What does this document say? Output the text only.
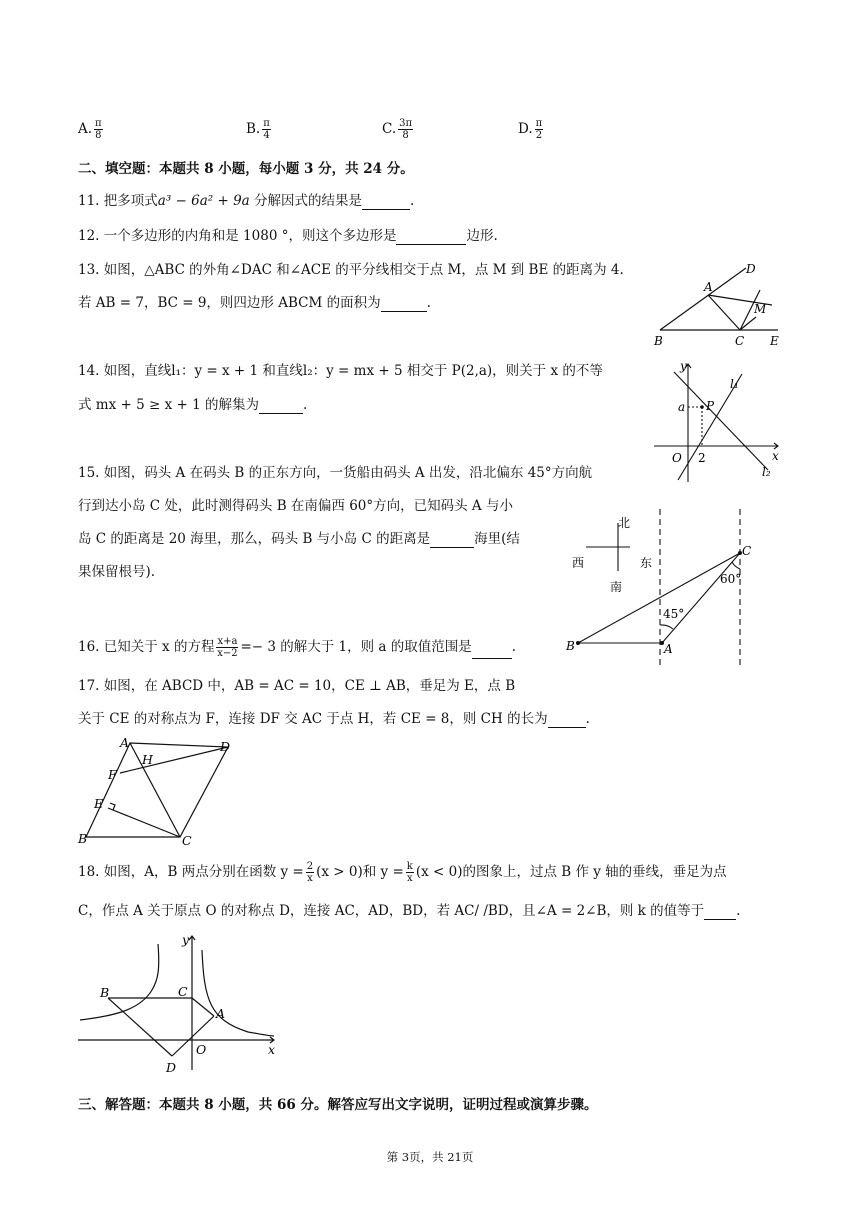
A. $\frac{\pi}{8}$	B. $\frac{\pi}{4}$	C. $\frac{3\pi}{8}$	D. $\frac{\pi}{2}$
二、填空题：本题共 8 小题，每小题 3 分，共 24 分。
11. 把多项式a³ − 6a² + 9a 分解因式的结果是	.
12. 一个多边形的内角和是 1080 °，则这个多边形是	边形.
13. 如图，△ABC 的外角∠DAC 和∠ACE 的平分线相交于点 M，点 M 到 BE 的距离为 4.
若 AB = 7，BC = 9，则四边形 ABCM 的面积为	.
A
D
B	C E
M
14. 如图，直线l₁：y = x + 1 和直线l₂：y = mx + 5 相交于 P(2,a)，则关于 x 的不等
式 mx + 5 ≥ x + 1 的解集为	.
y
x
O
a
2
P
l₁
l₂
15. 如图，码头 A 在码头 B 的正东方向，一货船由码头 A 出发，沿北偏东 45°方向航
行到达小岛 C 处，此时测得码头 B 在南偏西 60°方向，已知码头 A 与小
岛 C 的距离是 20 海里，那么，码头 B 与小岛 C 的距离是	海里(结
果保留根号).
北
南
西	东
C
A
B
45°
60°
16. 已知关于 x 的方程 $\frac{x+a}{x-2} =- 3$ 的解大于 1，则 a 的取值范围是	.
17. 如图，在 ABCD 中，AB = AC = 10，CE ⊥ AB，垂足为 E，点 B
关于 CE 的对称点为 F，连接 DF 交 AC 于点 H，若 CE = 8，则 CH 的长为	.
A	D
H
F
E
B	C
18. 如图，A，B 两点分别在函数 $y = \frac{2}{x} (x > 0)$和 $y = \frac{k}{x} (x < 0)$的图象上，过点 B 作 y 轴的垂线，垂足为点
C，作点 A 关于原点 O 的对称点 D，连接 AC，AD，BD，若 AC/ /BD，且∠A = 2∠B，则 k 的值等于 .
y
x
O
B	C
A
D
三、解答题：本题共 8 小题，共 66 分。解答应写出文字说明，证明过程或演算步骤。
第 3页，共 21页
